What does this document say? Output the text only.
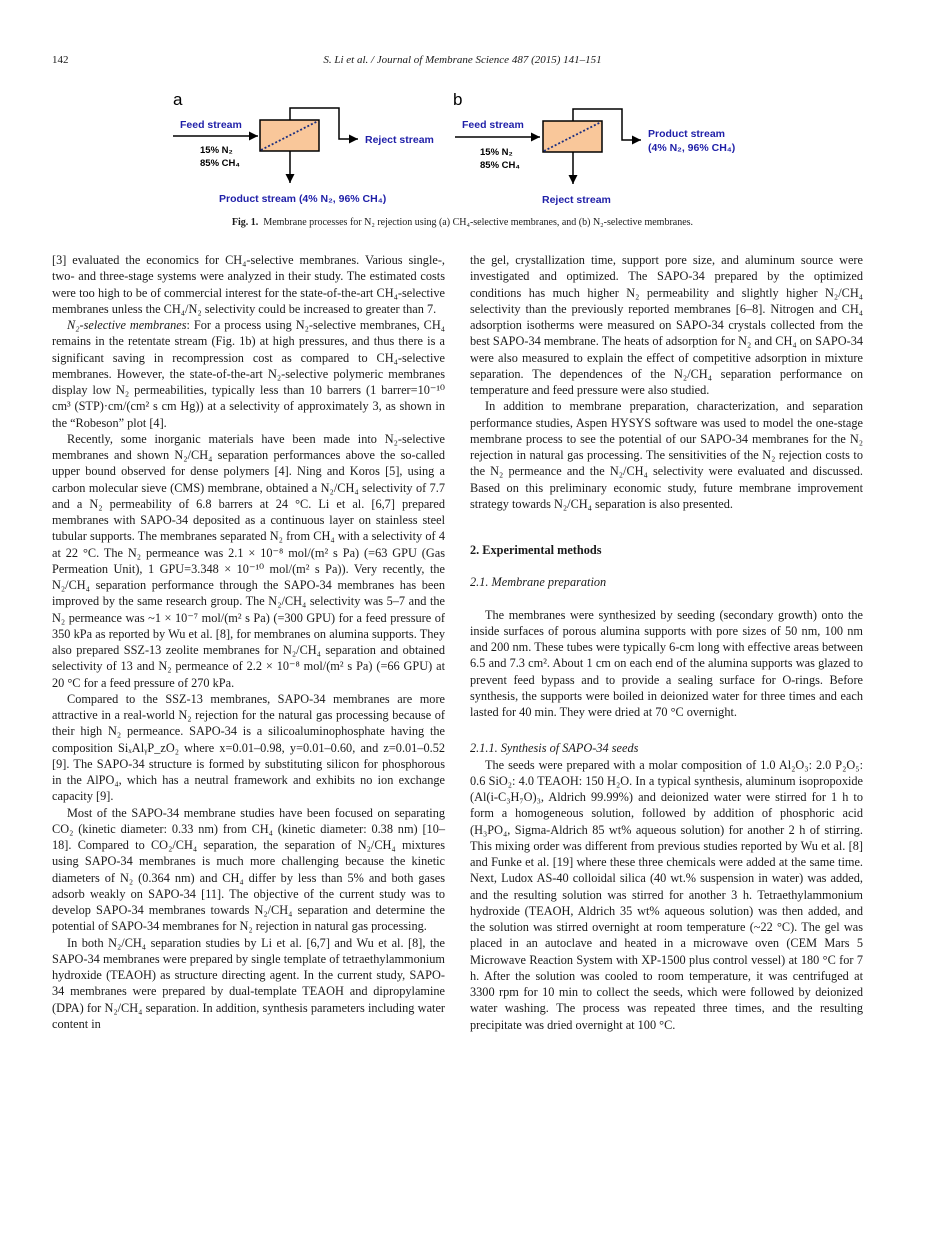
142	S. Li et al. / Journal of Membrane Science 487 (2015) 141–151
a
Feed stream
15% N₂
85% CH₄
Reject stream
Product stream (4% N₂, 96% CH₄)
b
Feed stream
15% N₂
85% CH₄
Product stream
(4% N₂, 96% CH₄)
Reject stream
Fig. 1. Membrane processes for N₂ rejection using (a) CH₄-selective membranes, and (b) N₂-selective membranes.

[3] evaluated the economics for CH₄-selective membranes. Various single-, two- and three-stage systems were analyzed in their study. The estimated costs were too high to be of commercial interest for the state-of-the-art CH₄-selective membranes unless the CH₄/N₂ selectivity could be increased to greater than 7.

N₂-selective membranes: For a process using N₂-selective membranes, CH₄ remains in the retentate stream (Fig. 1b) at high pressures, and thus there is a significant saving in recompression cost as compared to CH₄-selective membranes. However, the state-of-the-art N₂-selective polymeric membranes display low N₂ permeabilities, typically less than 10 barrers (1 barrer=10⁻¹⁰ cm³ (STP)·cm/(cm² s cm Hg)) at a selectivity of approximately 3, as shown in the “Robeson” plot [4].

Recently, some inorganic materials have been made into N₂-selective membranes and shown N₂/CH₄ separation performances above the so-called upper bound observed for dense polymers [4]. Ning and Koros [5], using a carbon molecular sieve (CMS) membrane, obtained a N₂/CH₄ selectivity of 7.7 and a N₂ permeability of 6.8 barrers at 24 °C. Li et al. [6,7] prepared membranes with SAPO-34 deposited as a continuous layer on stainless steel tubular supports. The membranes separated N₂ from CH₄ with a selectivity of 4 at 22 °C. The N₂ permeance was 2.1 × 10⁻⁸ mol/(m² s Pa) (=63 GPU (Gas Permeation Unit), 1 GPU=3.348 × 10⁻¹⁰ mol/(m² s Pa)). Very recently, the N₂/CH₄ separation performance through the SAPO-34 membranes has been improved by the same research group. The N₂/CH₄ selectivity was 5–7 and the N₂ permeance was ~1 × 10⁻⁷ mol/(m² s Pa) (=300 GPU) for a feed pressure of 350 kPa as reported by Wu et al. [8], for membranes on alumina supports. They also prepared SSZ-13 zeolite membranes for N₂/CH₄ separation and obtained selectivity of 13 and N₂ permeance of 2.2 × 10⁻⁸ mol/(m² s Pa) (=66 GPU) at 20 °C for a feed pressure of 270 kPa.

Compared to the SSZ-13 membranes, SAPO-34 membranes are more attractive in a real-world N₂ rejection for the natural gas processing because of their high N₂ permeance. SAPO-34 is a silicoaluminophosphate having the composition SiₓAlᵧP_zO₂ where x=0.01–0.98, y=0.01–0.60, and z=0.01–0.52 [9]. The SAPO-34 structure is formed by substituting silicon for phosphorous in the AlPO₄, which has a neutral framework and exhibits no ion exchange capacity [9].

Most of the SAPO-34 membrane studies have been focused on separating CO₂ (kinetic diameter: 0.33 nm) from CH₄ (kinetic diameter: 0.38 nm) [10–18]. Compared to CO₂/CH₄ separation, the separation of N₂/CH₄ mixtures using SAPO-34 membranes is much more challenging because the kinetic diameters of N₂ (0.364 nm) and CH₄ differ by less than 5% and both gases adsorb weakly on SAPO-34 [11]. The objective of the current study was to develop SAPO-34 membranes towards N₂/CH₄ separation and determine the potential of SAPO-34 membranes for N₂ rejection in natural gas processing.

In both N₂/CH₄ separation studies by Li et al. [6,7] and Wu et al. [8], the SAPO-34 membranes were prepared by single template of tetraethylammonium hydroxide (TEAOH) as structure directing agent. In the current study, SAPO-34 membranes were prepared by dual-template TEAOH and dipropylamine (DPA) for N₂/CH₄ separation. In addition, synthesis parameters including water content in

the gel, crystallization time, support pore size, and aluminum source were investigated and optimized. The SAPO-34 prepared by the optimized conditions has much higher N₂ permeability and slightly higher N₂/CH₄ selectivity than the previously reported membranes [6–8]. Nitrogen and CH₄ adsorption isotherms were measured on SAPO-34 crystals collected from the best SAPO-34 membrane. The heats of adsorption for N₂ and CH₄ on SAPO-34 were also measured to explain the effect of competitive adsorption in mixture separation. The dependences of the N₂/CH₄ separation performance on temperature and feed pressure were also studied.

In addition to membrane preparation, characterization, and separation performance studies, Aspen HYSYS software was used to model the one-stage membrane process to see the potential of our SAPO-34 membranes for the N₂ rejection in natural gas processing. The sensitivities of the N₂ rejection costs to the N₂ permeance and the N₂/CH₄ selectivity were evaluated and discussed. Based on this preliminary economic study, future membrane improvement strategy towards N₂/CH₄ separation is also presented.

2. Experimental methods

2.1. Membrane preparation

The membranes were synthesized by seeding (secondary growth) onto the inside surfaces of porous alumina supports with pore sizes of 50 nm, 100 nm and 200 nm. These tubes were typically 6-cm long with effective areas between 6.5 and 7.3 cm². About 1 cm on each end of the alumina supports was glazed to prevent feed bypass and to provide a sealing surface for O-rings. Before synthesis, the supports were boiled in deionized water for three times and each lasted for 40 min. They were dried at 70 °C overnight.

2.1.1. Synthesis of SAPO-34 seeds

The seeds were prepared with a molar composition of 1.0 Al₂O₃: 2.0 P₂O₅: 0.6 SiO₂: 4.0 TEAOH: 150 H₂O. In a typical synthesis, aluminum isopropoxide (Al(i-C₃H₇O)₃, Aldrich 99.99%) and deionized water were stirred for 1 h to form a homogeneous solution, followed by addition of phosphoric acid (H₃PO₄, Sigma-Aldrich 85 wt% aqueous solution) for another 2 h of stirring. This mixing order was different from previous studies reported by Wu et al. [8] and Funke et al. [19] where these three chemicals were added at the same time. Next, Ludox AS-40 colloidal silica (40 wt.% suspension in water) was added, and the resulting solution was stirred for another 3 h. Tetraethylammonium hydroxide (TEAOH, Aldrich 35 wt% aqueous solution) was then added, and the solution was stirred overnight at room temperature (~22 °C). The gel was placed in an autoclave and heated in a microwave oven (CEM Mars 5 Microwave Reaction System with XP-1500 plus control vessel) at 180 °C for 7 h. After the solution was cooled to room temperature, it was centrifuged at 3300 rpm for 10 min to collect the seeds, which were followed by deionized water washing. The process was repeated three times, and the resulting precipitate was dried overnight at 100 °C.
